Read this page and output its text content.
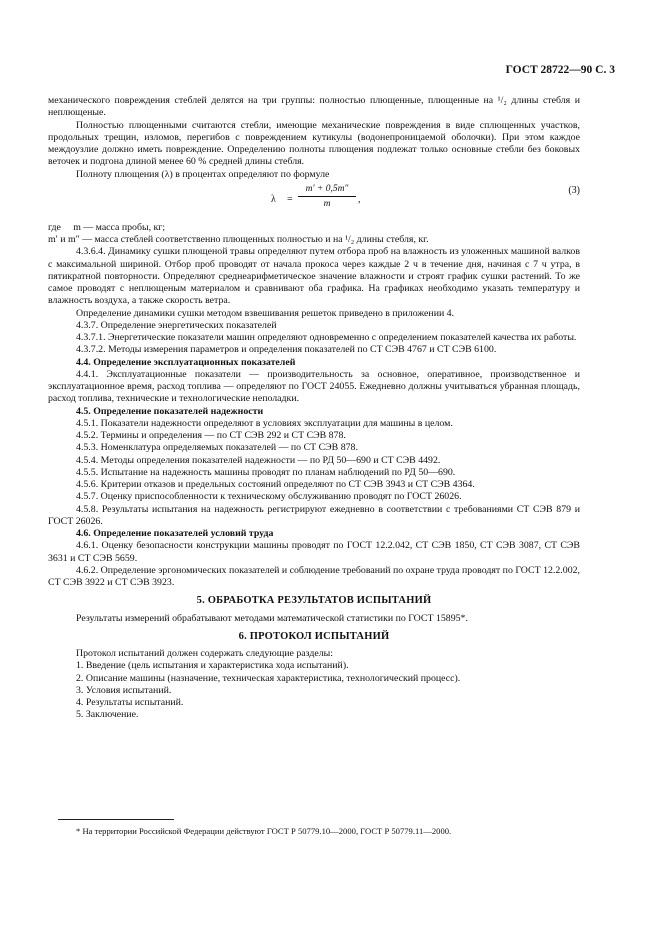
ГОСТ 28722—90 С. 3

механического повреждения стеблей делятся на три группы: полностью плющенные, плющенные на ¹/₂ длины стебля и неплющеные.

Полностью плющенными считаются стебли, имеющие механические повреждения в виде сплющенных участков, продольных трещин, изломов, перегибов с повреждением кутикулы (водонепроницаемой оболочки). При этом каждое междоузлие должно иметь повреждение. Определению полноты плющения подлежат только основные стебли без боковых веточек и подгона длиной менее 60 % средней длины стебля.

Полноту плющения (λ) в процентах определяют по формуле

λ =
m′ + 0,5m″
m	,
(3)

где     m — масса пробы, кг;

m′ и m″ — масса стеблей соответственно плющенных полностью и на ¹/₂ длины стебля, кг.

4.3.6.4. Динамику сушки плющеной травы определяют путем отбора проб на влажность из уложенных машиной валков с максимальной шириной. Отбор проб проводят от начала прокоса через каждые 2 ч в течение дня, начиная с 7 ч утра, в пятикратной повторности. Определяют среднеарифметическое значение влажности и строят график сушки растений. То же самое проводят с неплющеным материалом и сравнивают оба графика. На графиках необходимо указать температуру и влажность воздуха, а также скорость ветра.

Определение динамики сушки методом взвешивания решеток приведено в приложении 4.

4.3.7. Определение энергетических показателей

4.3.7.1. Энергетические показатели машин определяют одновременно с определением показателей качества их работы.

4.3.7.2. Методы измерения параметров и определения показателей по СТ СЭВ 4767 и СТ СЭВ 6100.

4.4. Определение эксплуатационных показателей

4.4.1. Эксплуатационные показатели — производительность за основное, оперативное, производственное и эксплуатационное время, расход топлива — определяют по ГОСТ 24055. Ежедневно должны учитываться убранная площадь, расход топлива, технические и технологические неполадки.

4.5. Определение показателей надежности

4.5.1. Показатели надежности определяют в условиях эксплуатации для машины в целом.

4.5.2. Термины и определения — по СТ СЭВ 292 и СТ СЭВ 878.

4.5.3. Номенклатура определяемых показателей — по СТ СЭВ 878.

4.5.4. Методы определения показателей надежности — по РД 50—690 и СТ СЭВ 4492.

4.5.5. Испытание на надежность машины проводят по планам наблюдений по РД 50—690.

4.5.6. Критерии отказов и предельных состояний определяют по СТ СЭВ 3943 и СТ СЭВ 4364.

4.5.7. Оценку приспособленности к техническому обслуживанию проводят по ГОСТ 26026.

4.5.8. Результаты испытания на надежность регистрируют ежедневно в соответствии с требованиями СТ СЭВ 879 и ГОСТ 26026.

4.6. Определение показателей условий труда

4.6.1. Оценку безопасности конструкции машины проводят по ГОСТ 12.2.042, СТ СЭВ 1850, СТ СЭВ 3087, СТ СЭВ 3631 и СТ СЭВ 5659.

4.6.2. Определение эргономических показателей и соблюдение требований по охране труда проводят по ГОСТ 12.2.002, СТ СЭВ 3922 и СТ СЭВ 3923.

5. ОБРАБОТКА РЕЗУЛЬТАТОВ ИСПЫТАНИЙ

Результаты измерений обрабатывают методами математической статистики по ГОСТ 15895*.

6. ПРОТОКОЛ ИСПЫТАНИЙ

Протокол испытаний должен содержать следующие разделы:

1. Введение (цель испытания и характеристика хода испытаний).

2. Описание машины (назначение, техническая характеристика, технологический процесс).

3. Условия испытаний.

4. Результаты испытаний.

5. Заключение.

* На территории Российской Федерации действуют ГОСТ Р 50779.10—2000, ГОСТ Р 50779.11—2000.
